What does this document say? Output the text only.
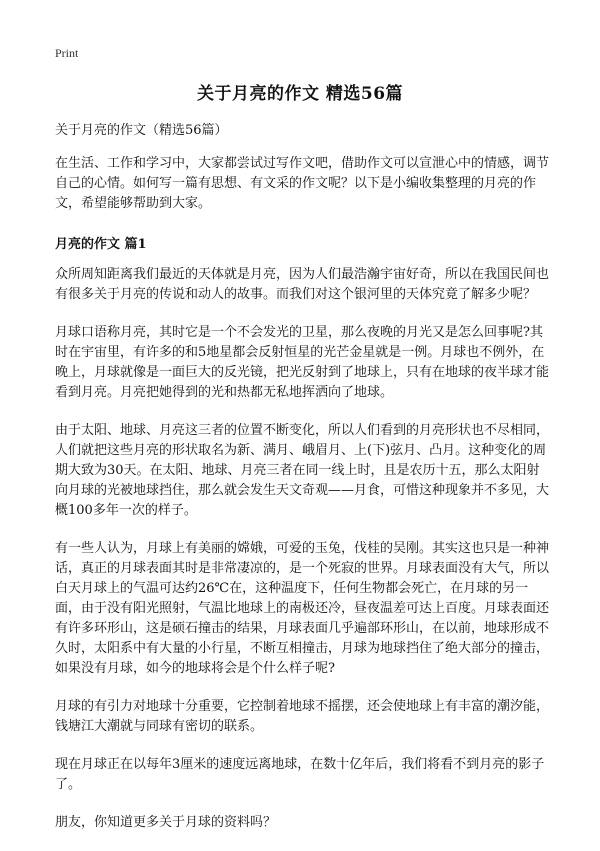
Print
关于月亮的作文 精选56篇

关于月亮的作文（精选56篇）

在生活、工作和学习中，大家都尝试过写作文吧，借助作文可以宣泄心中的情感，调节自己的心情。如何写一篇有思想、有文采的作文呢？以下是小编收集整理的月亮的作文，希望能够帮助到大家。

月亮的作文 篇1

众所周知距离我们最近的天体就是月亮，因为人们最浩瀚宇宙好奇，所以在我国民间也有很多关于月亮的传说和动人的故事。而我们对这个银河里的天体究竟了解多少呢？

月球口语称月亮，其时它是一个不会发光的卫星，那么夜晚的月光又是怎么回事呢?其时在宇宙里，有许多的和5地星都会反射恒星的光芒金星就是一例。月球也不例外，在晚上，月球就像是一面巨大的反光镜，把光反射到了地球上，只有在地球的夜半球才能看到月亮。月亮把她得到的光和热都无私地挥洒向了地球。

由于太阳、地球、月亮这三者的位置不断变化，所以人们看到的月亮形状也不尽相同，人们就把这些月亮的形状取名为新、满月、峨眉月、上(下)弦月、凸月。这种变化的周期大致为30天。在太阳、地球、月亮三者在同一线上时，且是农历十五，那么太阳射向月球的光被地球挡住，那么就会发生天文奇观——月食，可惜这种现象并不多见，大概100多年一次的样子。

有一些人认为，月球上有美丽的嫦娥，可爱的玉兔，伐桂的吴刚。其实这也只是一种神话，真正的月球表面其时是非常凄凉的，是一个死寂的世界。月球表面没有大气，所以白天月球上的气温可达约26℃在，这种温度下，任何生物都会死亡，在月球的另一面，由于没有阳光照射，气温比地球上的南极还冷，昼夜温差可达上百度。月球表面还有许多环形山，这是硕石撞击的结果，月球表面几乎遍部环形山，在以前，地球形成不久时，太阳系中有大量的小行星，不断互相撞击，月球为地球挡住了绝大部分的撞击，如果没有月球，如今的地球将会是个什么样子呢?

月球的有引力对地球十分重要，它控制着地球不摇摆，还会使地球上有丰富的潮汐能，钱塘江大潮就与同球有密切的联系。

现在月球正在以每年3厘米的速度远离地球，在数十亿年后，我们将看不到月亮的影子了。

朋友，你知道更多关于月球的资料吗？
